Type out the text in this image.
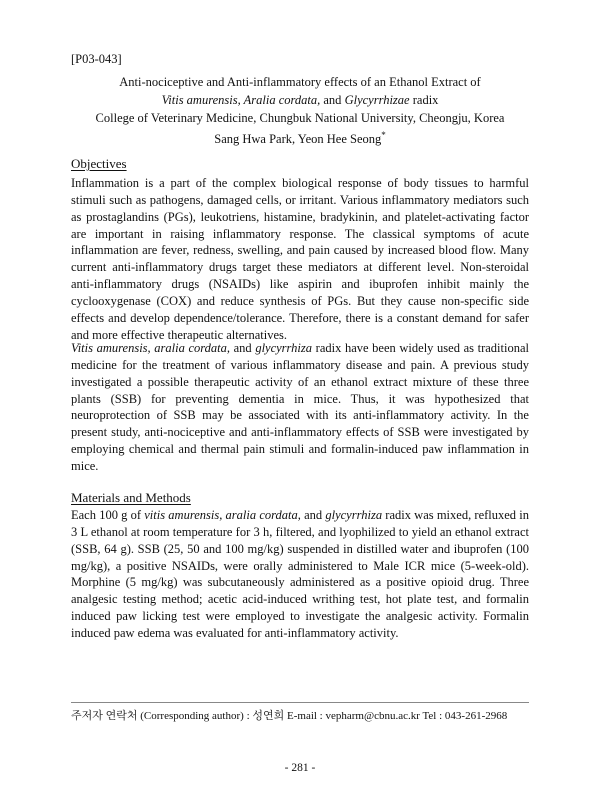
[P03-043]
Anti-nociceptive and Anti-inflammatory effects of an Ethanol Extract of
Vitis amurensis, Aralia cordata, and Glycyrrhizae radix
College of Veterinary Medicine, Chungbuk National University, Cheongju, Korea
Sang Hwa Park, Yeon Hee Seong*
Objectives

Inflammation is a part of the complex biological response of body tissues to harmful stimuli such as pathogens, damaged cells, or irritant. Various inflammatory mediators such as prostaglandins (PGs), leukotriens, histamine, bradykinin, and platelet-activating factor are important in raising inflammatory response. The classical symptoms of acute inflammation are fever, redness, swelling, and pain caused by increased blood flow. Many current anti-inflammatory drugs target these mediators at different level. Non-steroidal anti-inflammatory drugs (NSAIDs) like aspirin and ibuprofen inhibit mainly the cyclooxygenase (COX) and reduce synthesis of PGs. But they cause non-specific side effects and develop dependence/tolerance. Therefore, there is a constant demand for safer and more effective therapeutic alternatives.

Vitis amurensis, aralia cordata, and glycyrrhiza radix have been widely used as traditional medicine for the treatment of various inflammatory disease and pain. A previous study investigated a possible therapeutic activity of an ethanol extract mixture of these three plants (SSB) for preventing dementia in mice. Thus, it was hypothesized that neuroprotection of SSB may be associated with its anti-inflammatory activity. In the present study, anti-nociceptive and anti-inflammatory effects of SSB were investigated by employing chemical and thermal pain stimuli and formalin-induced paw inflammation in mice.

Materials and Methods

Each 100 g of vitis amurensis, aralia cordata, and glycyrrhiza radix was mixed, refluxed in 3 L ethanol at room temperature for 3 h, filtered, and lyophilized to yield an ethanol extract (SSB, 64 g). SSB (25, 50 and 100 mg/kg) suspended in distilled water and ibuprofen (100 mg/kg), a positive NSAIDs, were orally administered to Male ICR mice (5-week-old). Morphine (5 mg/kg) was subcutaneously administered as a positive opioid drug. Three analgesic testing method; acetic acid-induced writhing test, hot plate test, and formalin induced paw licking test were employed to investigate the analgesic activity. Formalin induced paw edema was evaluated for anti-inflammatory activity.

주저자 연락처 (Corresponding author) : 성연희 E-mail : vepharm@cbnu.ac.kr Tel : 043-261-2968
- 281 -
